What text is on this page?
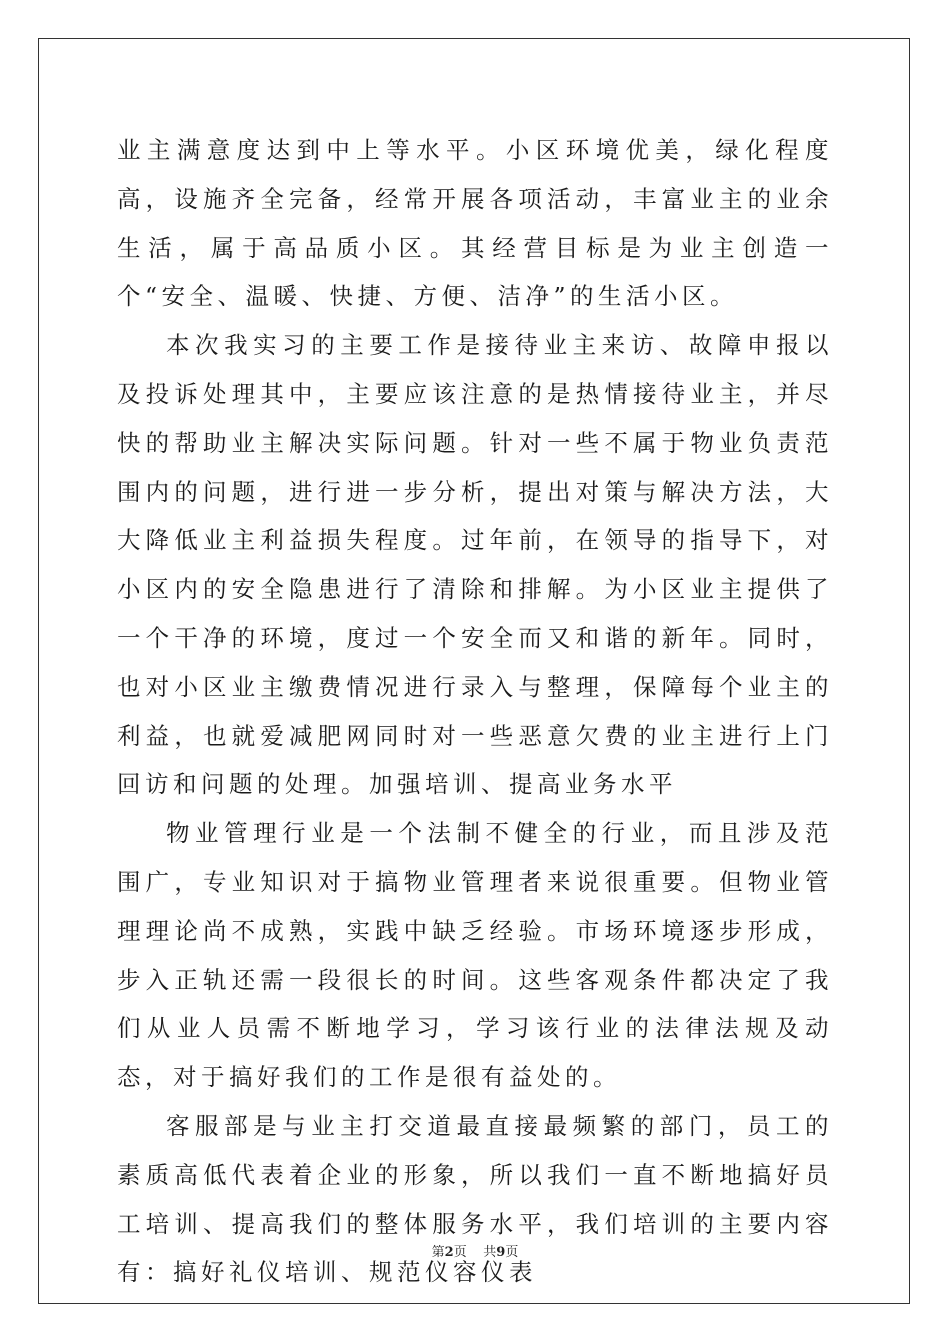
业主满意度达到中上等水平。小区环境优美，绿化程度高，设施齐全完备，经常开展各项活动，丰富业主的业余生活，属于高品质小区。其经营目标是为业主创造一个“安全、温暖、快捷、方便、洁净”的生活小区。

本次我实习的主要工作是接待业主来访、故障申报以及投诉处理其中，主要应该注意的是热情接待业主，并尽快的帮助业主解决实际问题。针对一些不属于物业负责范围内的问题，进行进一步分析，提出对策与解决方法，大大降低业主利益损失程度。过年前，在领导的指导下，对小区内的安全隐患进行了清除和排解。为小区业主提供了一个干净的环境，度过一个安全而又和谐的新年。同时，也对小区业主缴费情况进行录入与整理，保障每个业主的利益，也就爱减肥网同时对一些恶意欠费的业主进行上门回访和问题的处理。加强培训、提高业务水平

物业管理行业是一个法制不健全的行业，而且涉及范围广，专业知识对于搞物业管理者来说很重要。但物业管理理论尚不成熟，实践中缺乏经验。市场环境逐步形成，步入正轨还需一段很长的时间。这些客观条件都决定了我们从业人员需不断地学习，学习该行业的法律法规及动态，对于搞好我们的工作是很有益处的。

客服部是与业主打交道最直接最频繁的部门，员工的素质高低代表着企业的形象，所以我们一直不断地搞好员工培训、提高我们的整体服务水平，我们培训的主要内容有：搞好礼仪培训、规范仪容仪表

第2页 共9页
